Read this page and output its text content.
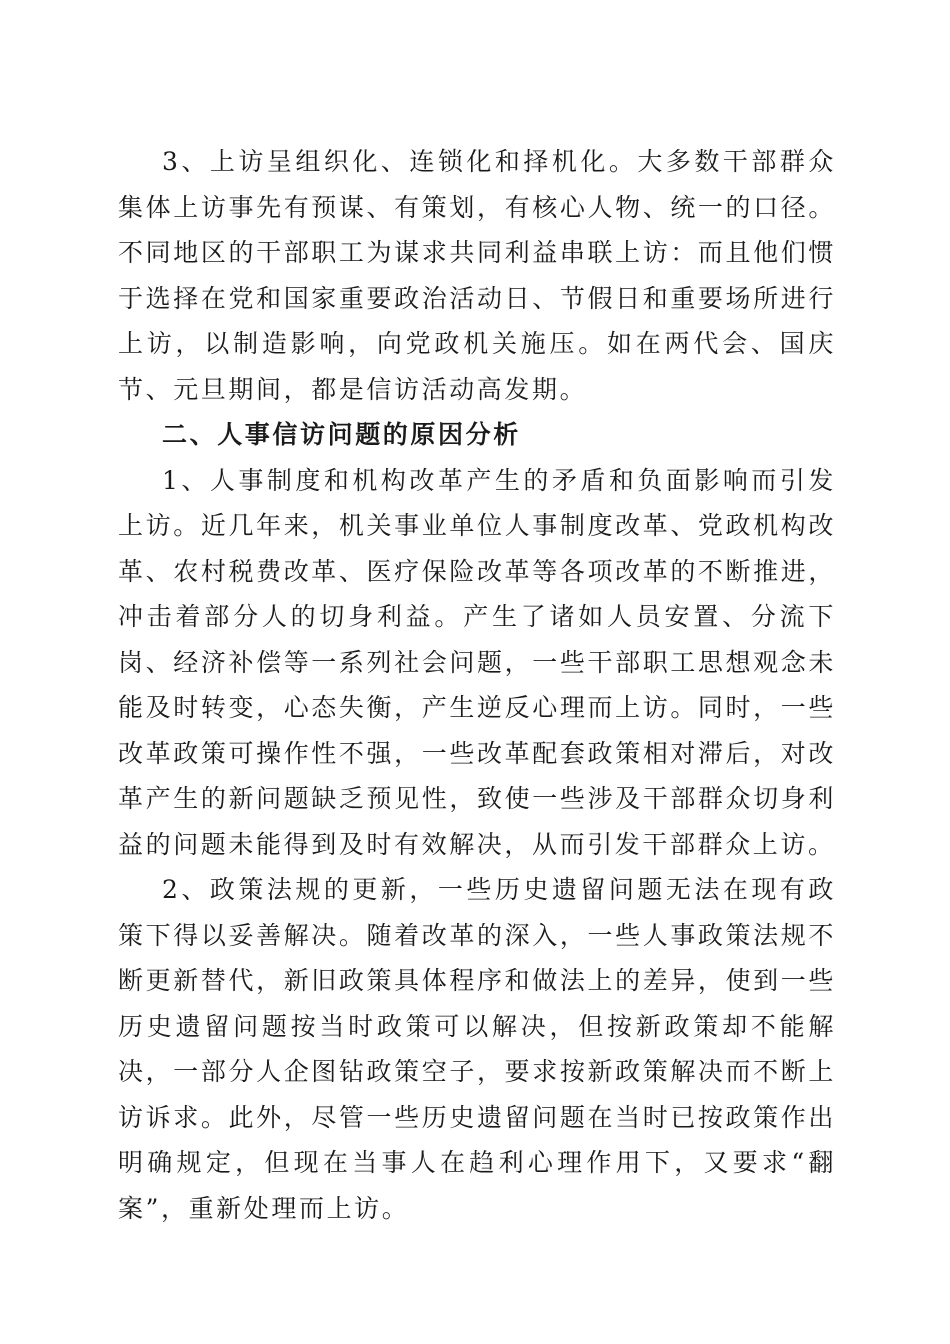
3、上访呈组织化、连锁化和择机化。大多数干部群众集体上访事先有预谋、有策划，有核心人物、统一的口径。不同地区的干部职工为谋求共同利益串联上访：而且他们惯于选择在党和国家重要政治活动日、节假日和重要场所进行上访，以制造影响，向党政机关施压。如在两代会、国庆节、元旦期间，都是信访活动高发期。

二、人事信访问题的原因分析

1、人事制度和机构改革产生的矛盾和负面影响而引发上访。近几年来，机关事业单位人事制度改革、党政机构改革、农村税费改革、医疗保险改革等各项改革的不断推进，冲击着部分人的切身利益。产生了诸如人员安置、分流下岗、经济补偿等一系列社会问题，一些干部职工思想观念未能及时转变，心态失衡，产生逆反心理而上访。同时，一些改革政策可操作性不强，一些改革配套政策相对滞后，对改革产生的新问题缺乏预见性，致使一些涉及干部群众切身利益的问题未能得到及时有效解决，从而引发干部群众上访。

2、政策法规的更新，一些历史遗留问题无法在现有政策下得以妥善解决。随着改革的深入，一些人事政策法规不断更新替代，新旧政策具体程序和做法上的差异，使到一些历史遗留问题按当时政策可以解决，但按新政策却不能解决，一部分人企图钻政策空子，要求按新政策解决而不断上访诉求。此外，尽管一些历史遗留问题在当时已按政策作出明确规定，但现在当事人在趋利心理作用下，又要求“翻案”，重新处理而上访。
